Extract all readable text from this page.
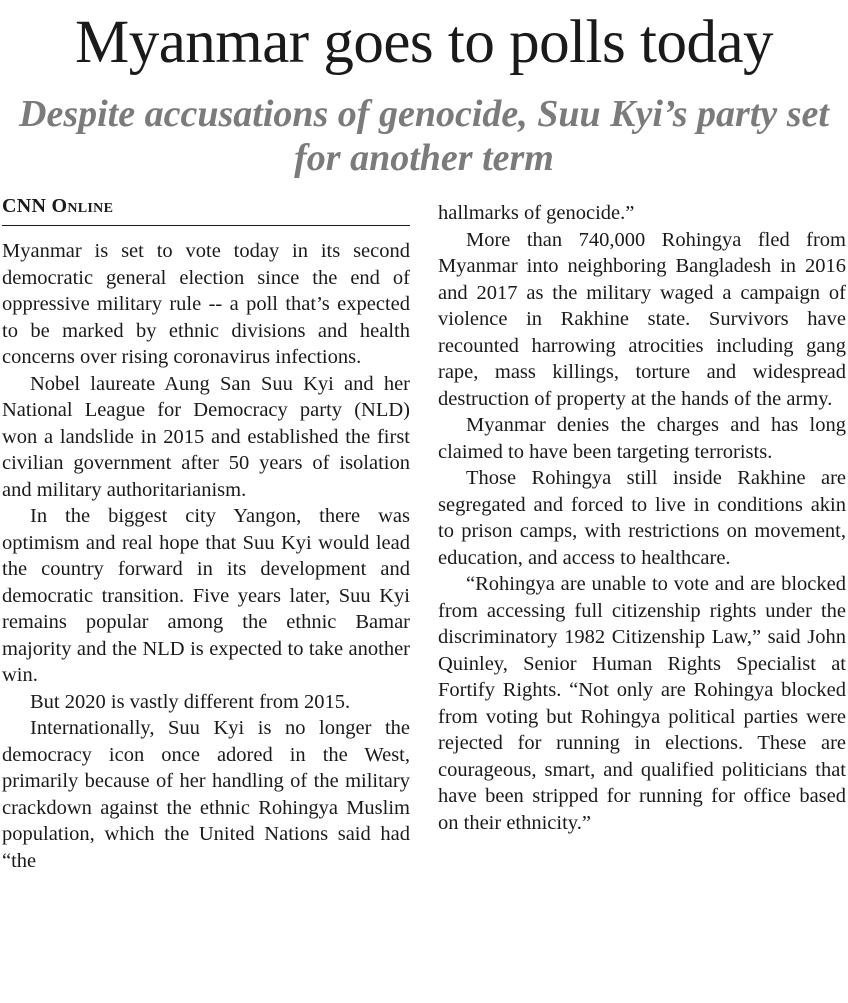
Myanmar goes to polls today
Despite accusations of genocide, Suu Kyi’s party set for another term
CNN Online

Myanmar is set to vote today in its second democratic general election since the end of oppressive military rule -- a poll that’s expected to be marked by ethnic divisions and health concerns over rising coronavirus infections.

Nobel laureate Aung San Suu Kyi and her National League for Democracy party (NLD) won a landslide in 2015 and established the first civilian government after 50 years of isolation and military authoritarianism.

In the biggest city Yangon, there was optimism and real hope that Suu Kyi would lead the country forward in its development and democratic transition. Five years later, Suu Kyi remains popular among the ethnic Bamar majority and the NLD is expected to take another win.

But 2020 is vastly different from 2015.

Internationally, Suu Kyi is no longer the democracy icon once adored in the West, primarily because of her handling of the military crackdown against the ethnic Rohingya Muslim population, which the United Nations said had “the

hallmarks of genocide.”

More than 740,000 Rohingya fled from Myanmar into neighboring Bangladesh in 2016 and 2017 as the military waged a campaign of violence in Rakhine state. Survivors have recounted harrowing atrocities including gang rape, mass killings, torture and widespread destruction of property at the hands of the army.

Myanmar denies the charges and has long claimed to have been targeting terrorists.

Those Rohingya still inside Rakhine are segregated and forced to live in conditions akin to prison camps, with restrictions on movement, education, and access to healthcare.

“Rohingya are unable to vote and are blocked from accessing full citizenship rights under the discriminatory 1982 Citizenship Law,” said John Quinley, Senior Human Rights Specialist at Fortify Rights. “Not only are Rohingya blocked from voting but Rohingya political parties were rejected for running in elections. These are courageous, smart, and qualified politicians that have been stripped for running for office based on their ethnicity.”
